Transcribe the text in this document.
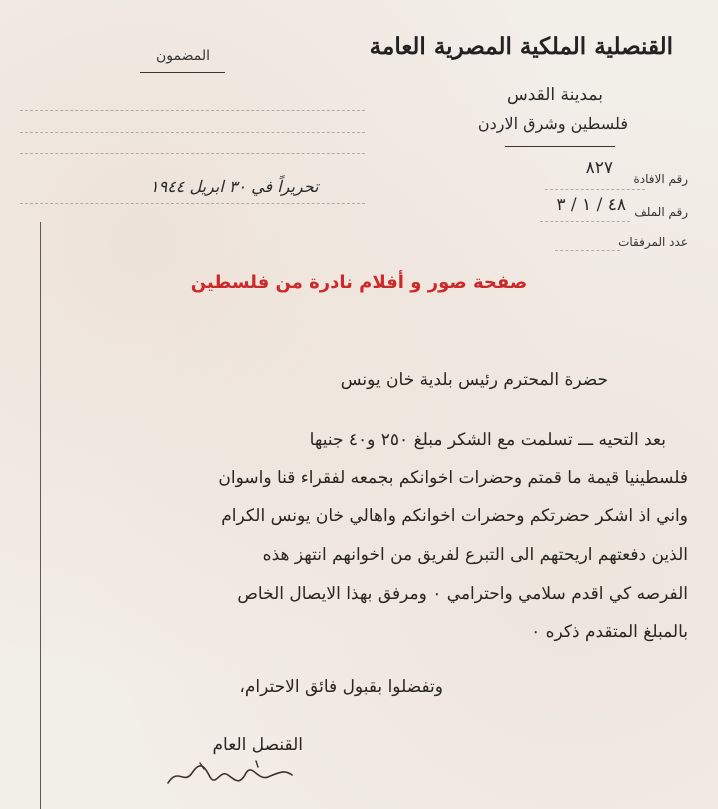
القنصلية الملكية المصرية العامة
بمدينة القدس
فلسطين وشرق الاردن
المضمون
رقم الافادة
٨٢٧
رقم الملف
٤٨ / ١ / ٣
عدد المرفقات
تحريراً في ٣٠ ابريل ١٩٤٤
صفحة صور و أفلام نادرة من فلسطين
حضرة المحترم رئيس بلدية خان يونس
بعد التحيه ـــ تسلمت مع الشكر مبلغ ٢٥٠ و٤٠ جنيها
فلسطينيا قيمة ما قمتم وحضرات اخوانكم بجمعه لفقراء قنا واسوان
واني اذ اشكر حضرتكم وحضرات اخوانكم واهالي خان يونس الكرام
الذين دفعتهم اريحتهم الى التبرع لفريق من اخوانهم انتهز هذه
الفرصه كي اقدم سلامي واحترامي ٠ ومرفق بهذا الايصال الخاص
بالمبلغ المتقدم ذكره ٠
وتفضلوا بقبول فائق الاحترام،
القنصل العام
